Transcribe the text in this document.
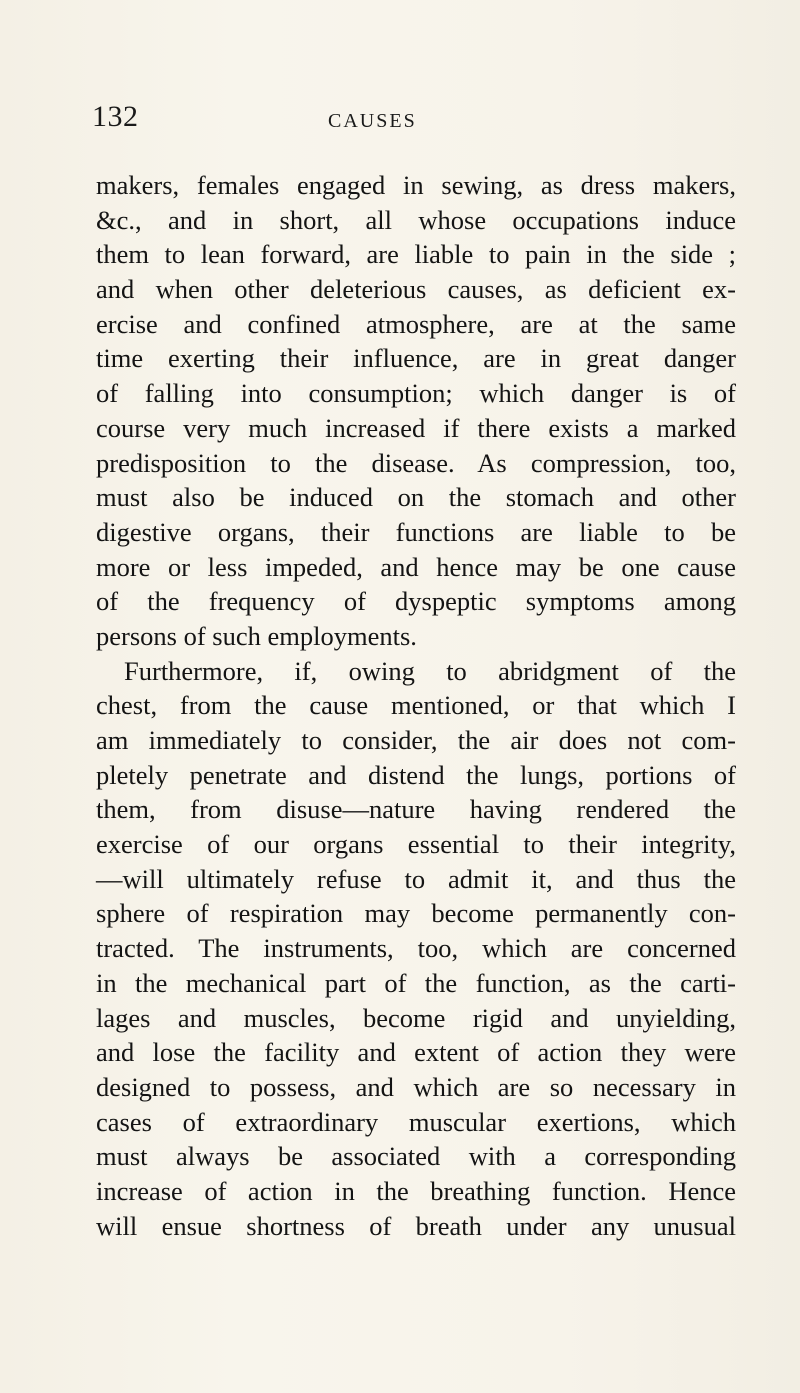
132	CAUSES
makers, females engaged in sewing, as dress makers,
&c., and in short, all whose occupations induce
them to lean forward, are liable to pain in the side ;
and when other deleterious causes, as deficient ex-
ercise and confined atmosphere, are at the same
time exerting their influence, are in great danger
of falling into consumption; which danger is of
course very much increased if there exists a marked
predisposition to the disease. As compression, too,
must also be induced on the stomach and other
digestive organs, their functions are liable to be
more or less impeded, and hence may be one cause
of the frequency of dyspeptic symptoms among
persons of such employments.
Furthermore, if, owing to abridgment of the
chest, from the cause mentioned, or that which I
am immediately to consider, the air does not com-
pletely penetrate and distend the lungs, portions of
them, from disuse—nature having rendered the
exercise of our organs essential to their integrity,
—will ultimately refuse to admit it, and thus the
sphere of respiration may become permanently con-
tracted. The instruments, too, which are concerned
in the mechanical part of the function, as the carti-
lages and muscles, become rigid and unyielding,
and lose the facility and extent of action they were
designed to possess, and which are so necessary in
cases of extraordinary muscular exertions, which
must always be associated with a corresponding
increase of action in the breathing function. Hence
will ensue shortness of breath under any unusual
